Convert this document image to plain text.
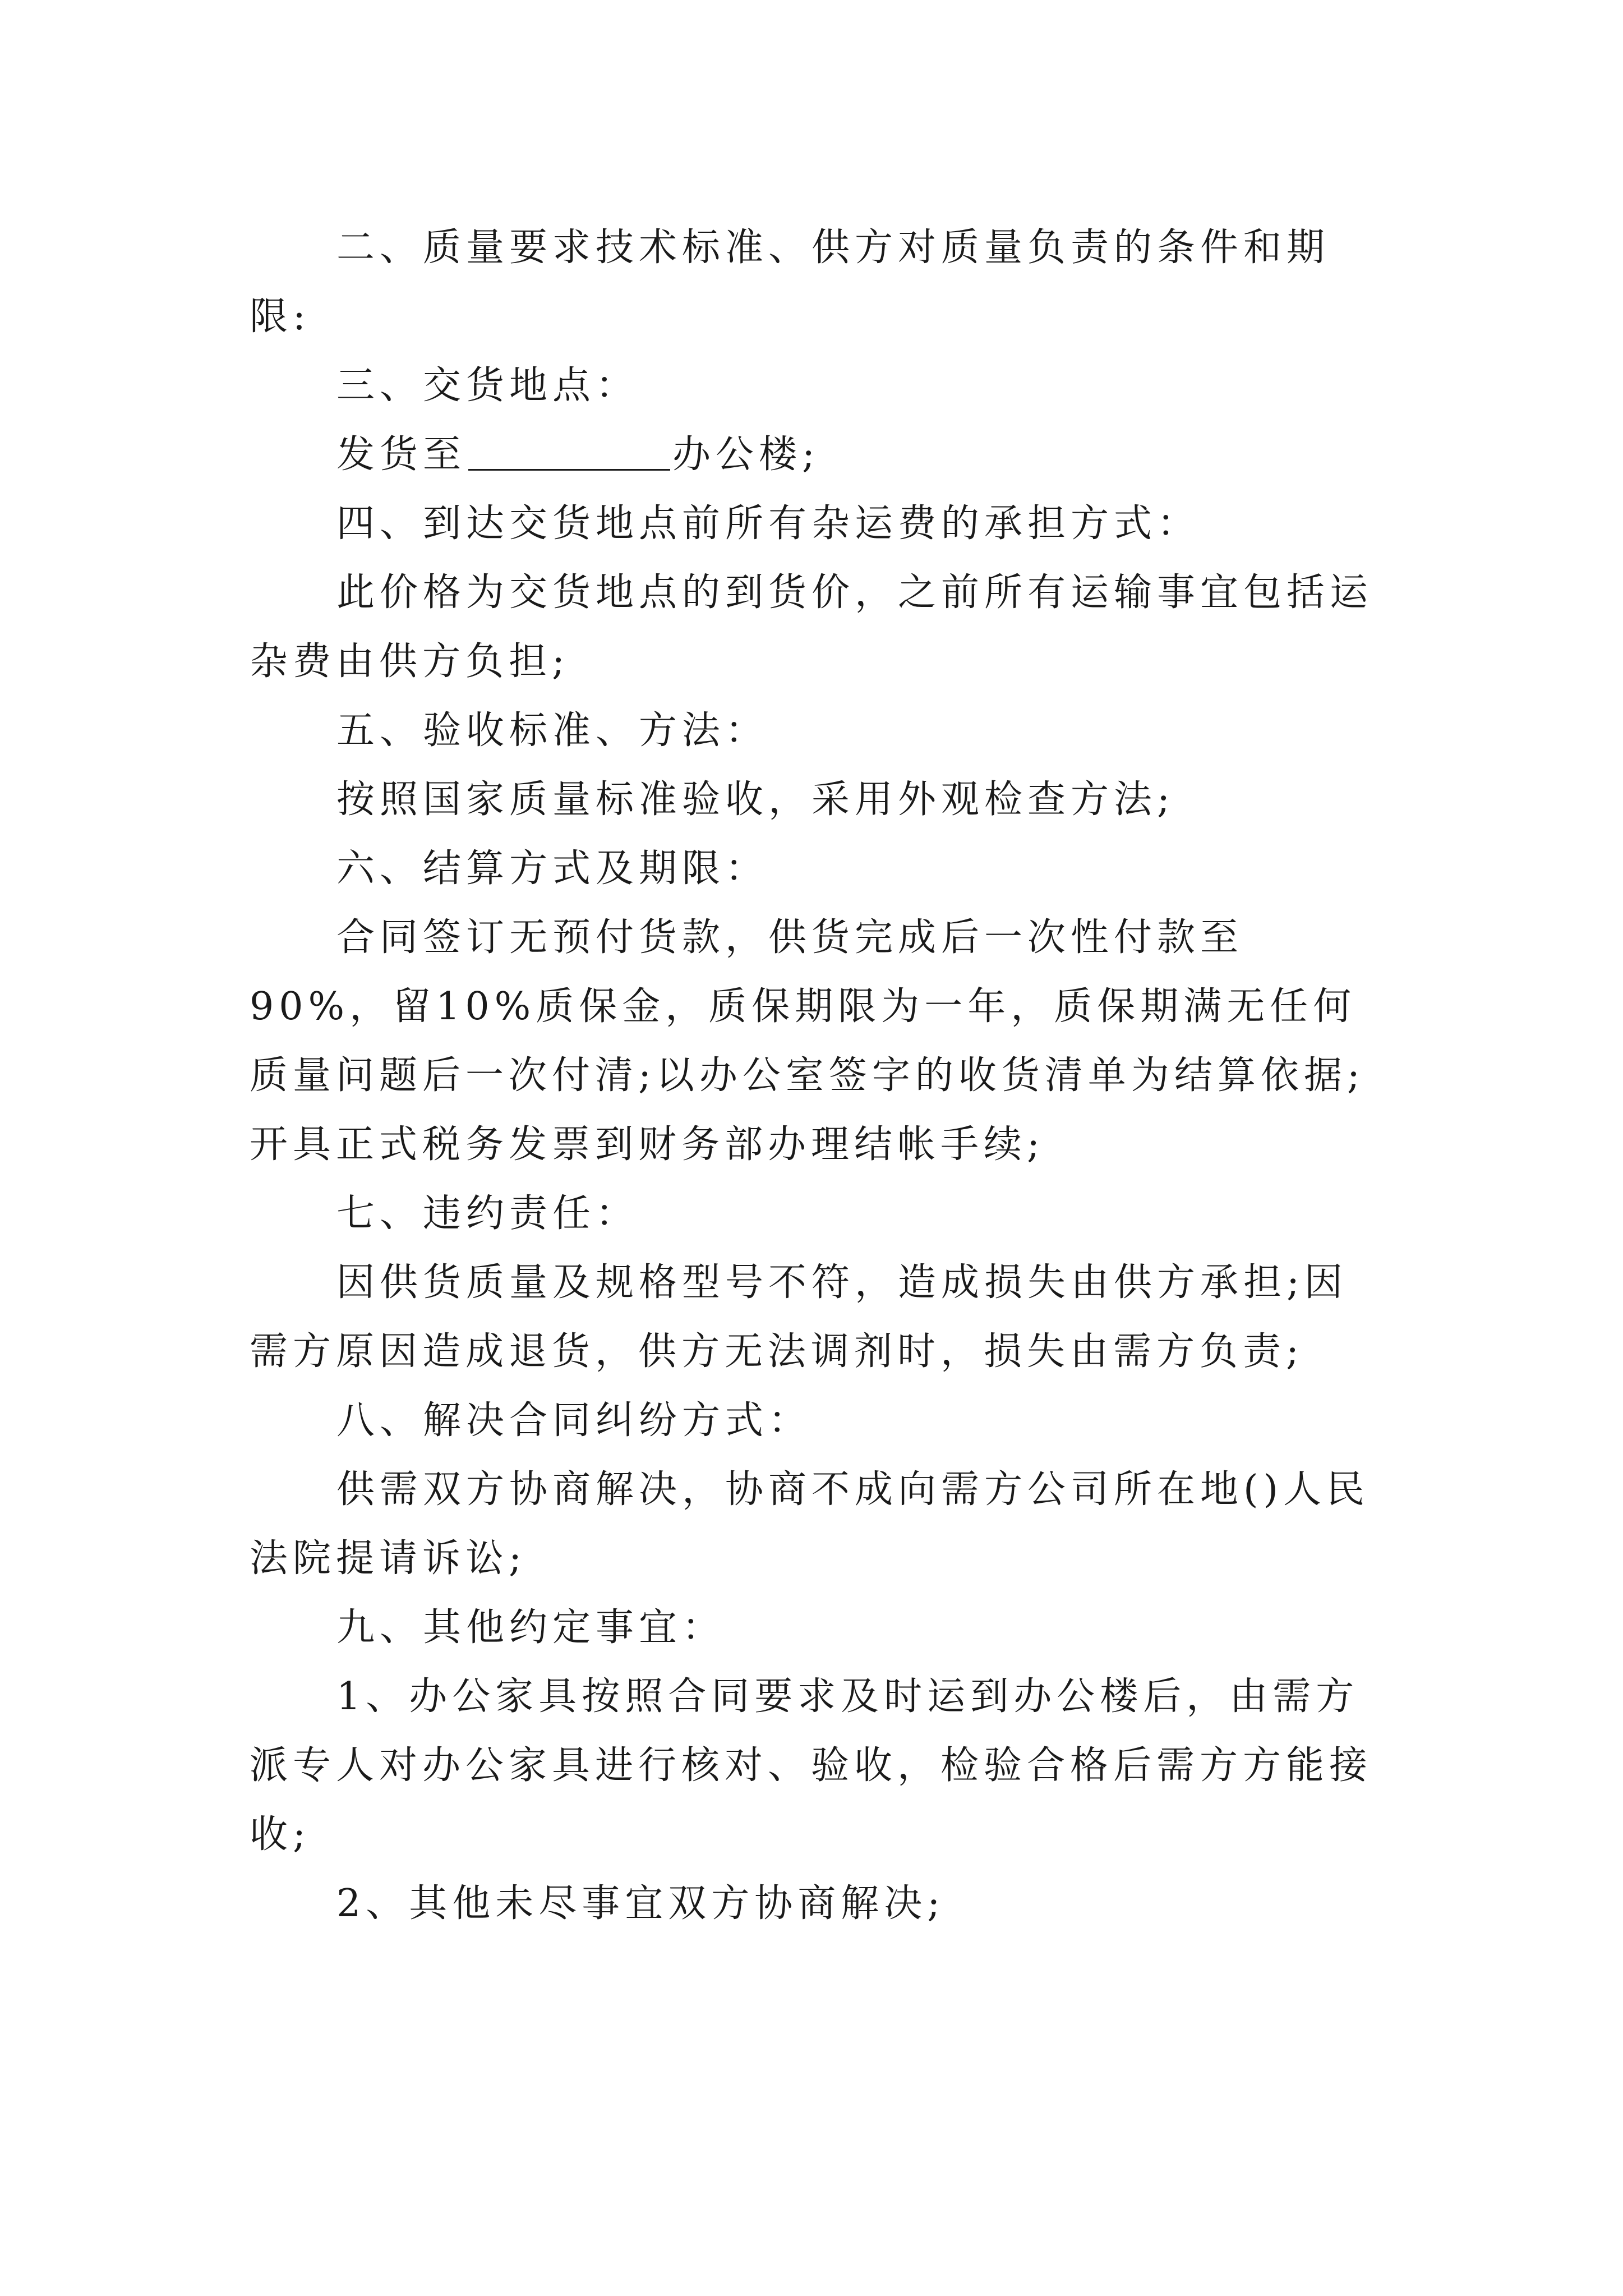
二、质量要求技术标准、供方对质量负责的条件和期限:

三、交货地点：

发货至	办公楼;

四、到达交货地点前所有杂运费的承担方式：

此价格为交货地点的到货价，之前所有运输事宜包括运杂费由供方负担;

五、验收标准、方法：

按照国家质量标准验收，采用外观检查方法;

六、结算方式及期限：

合同签订无预付货款，供货完成后一次性付款至90%，留10%质保金，质保期限为一年，质保期满无任何质量问题后一次付清;以办公室签字的收货清单为结算依据;开具正式税务发票到财务部办理结帐手续;

七、违约责任：

因供货质量及规格型号不符，造成损失由供方承担;因需方原因造成退货，供方无法调剂时，损失由需方负责;

八、解决合同纠纷方式：

供需双方协商解决，协商不成向需方公司所在地()人民法院提请诉讼;

九、其他约定事宜：

1、办公家具按照合同要求及时运到办公楼后，由需方派专人对办公家具进行核对、验收，检验合格后需方方能接收;

2、其他未尽事宜双方协商解决;
